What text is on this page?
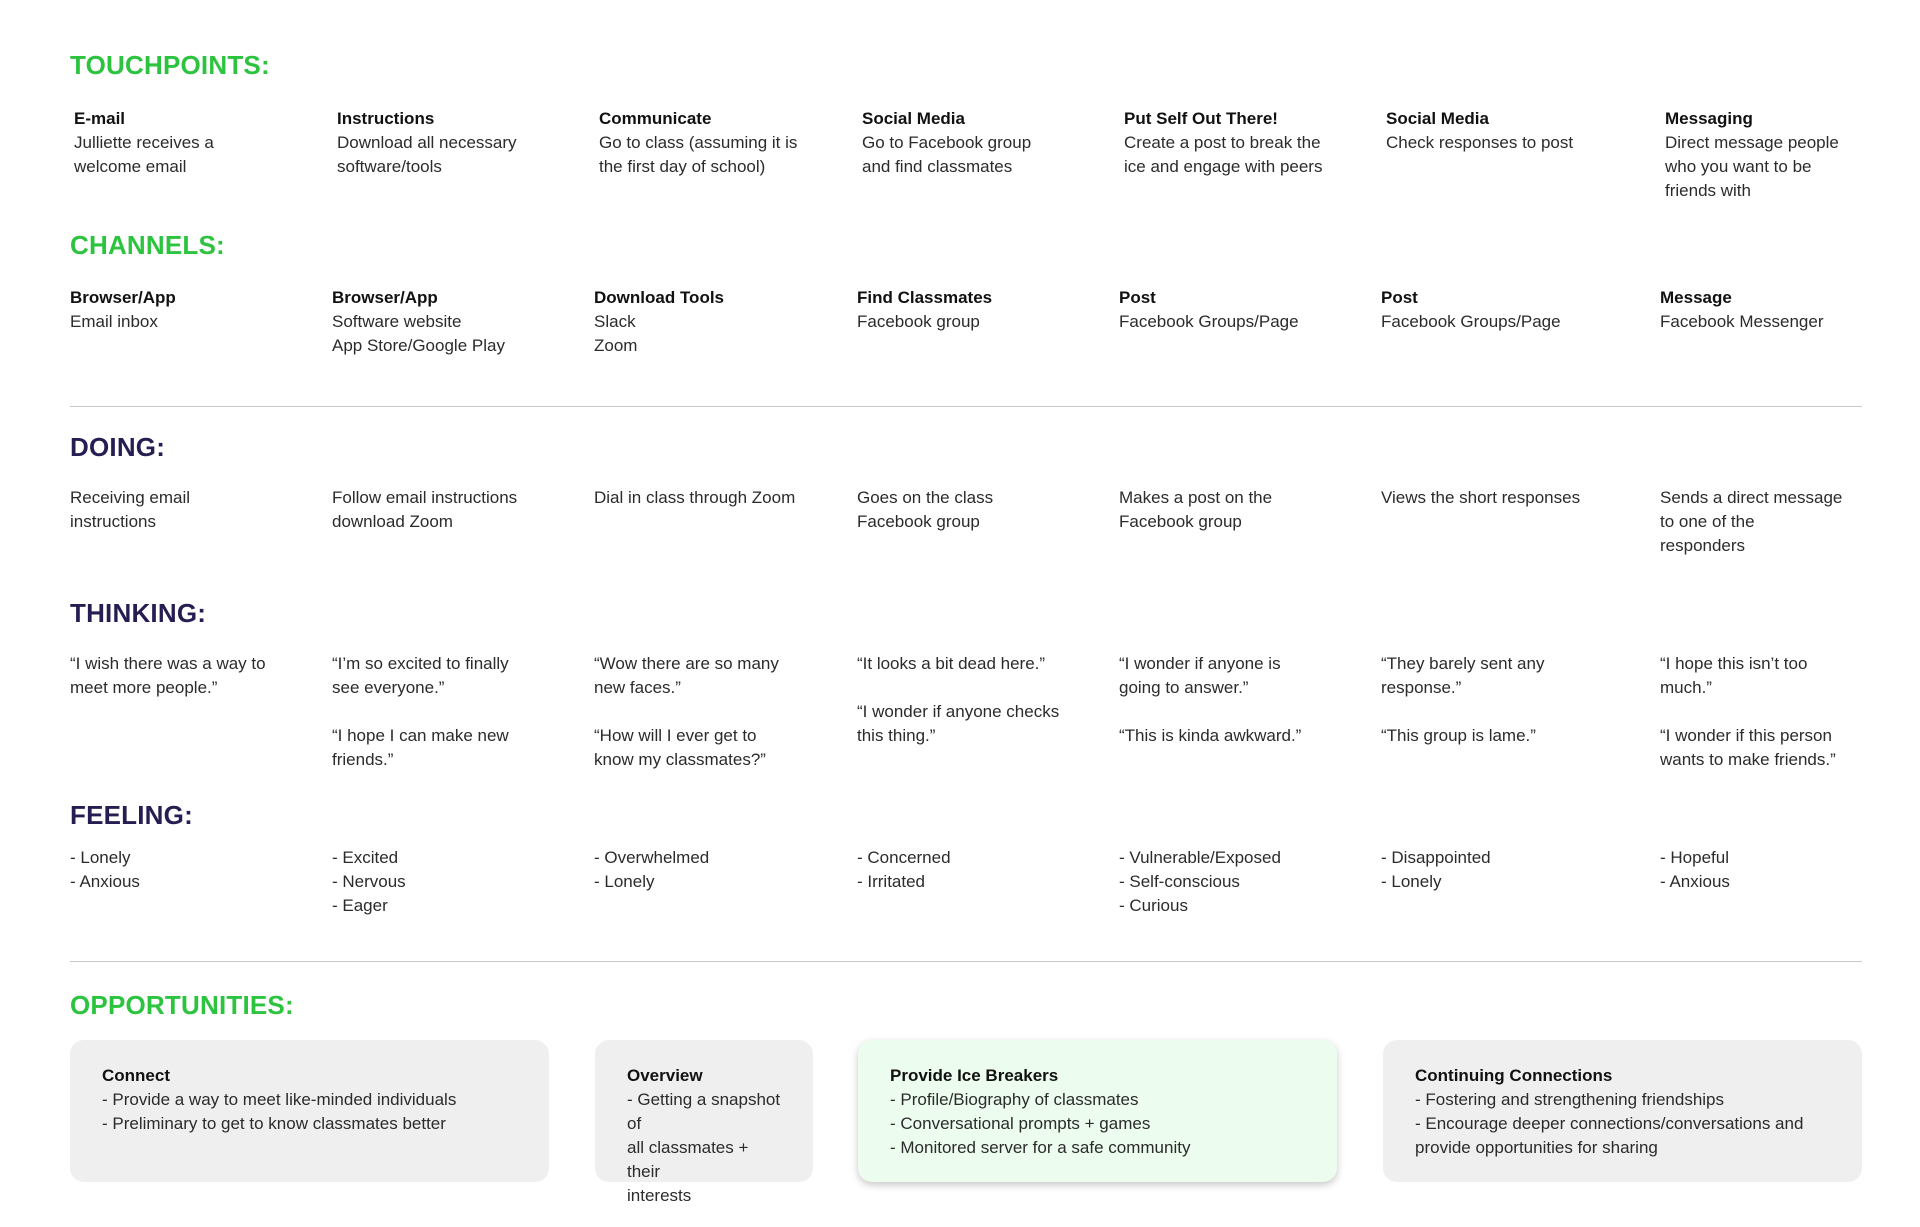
TOUCHPOINTS:
CHANNELS:
DOING:
THINKING:
FEELING:
OPPORTUNITIES:
E-mail
Julliette receives a
welcome email
Instructions
Download all necessary
software/tools
Communicate
Go to class (assuming it is
the first day of school)
Social Media
Go to Facebook group
and find classmates
Put Self Out There!
Create a post to break the
ice and engage with peers
Social Media
Check responses to post
Messaging
Direct message people
who you want to be
friends with
Browser/App
Email inbox
Browser/App
Software website
App Store/Google Play
Download Tools
Slack
Zoom
Find Classmates
Facebook group
Post
Facebook Groups/Page
Post
Facebook Groups/Page
Message
Facebook Messenger
Receiving email
instructions
Follow email instructions
download Zoom
Dial in class through Zoom	Goes on the class
Facebook group
Makes a post on the
Facebook group
Views the short responses	Sends a direct message
to one of the
responders
“I wish there was a way to
meet more people.”
“I’m so excited to finally
see everyone.”

“I hope I can make new
friends.”
“Wow there are so many
new faces.”

“How will I ever get to
know my classmates?”
“It looks a bit dead here.”

“I wonder if anyone checks
this thing.”
“I wonder if anyone is
going to answer.”

“This is kinda awkward.”
“They barely sent any
response.”

“This group is lame.”
“I hope this isn’t too
much.”

“I wonder if this person
wants to make friends.”
- Lonely
- Anxious
- Excited
- Nervous
- Eager
- Overwhelmed
- Lonely
- Concerned
- Irritated
- Vulnerable/Exposed
- Self-conscious
- Curious
- Disappointed
- Lonely
- Hopeful
- Anxious
Connect
- Provide a way to meet like-minded individuals
- Preliminary to get to know classmates better
Overview
- Getting a snapshot of
all classmates + their
interests
Provide Ice Breakers
- Profile/Biography of classmates
- Conversational prompts + games
- Monitored server for a safe community
Continuing Connections
- Fostering and strengthening friendships
- Encourage deeper connections/conversations and
provide opportunities for sharing
